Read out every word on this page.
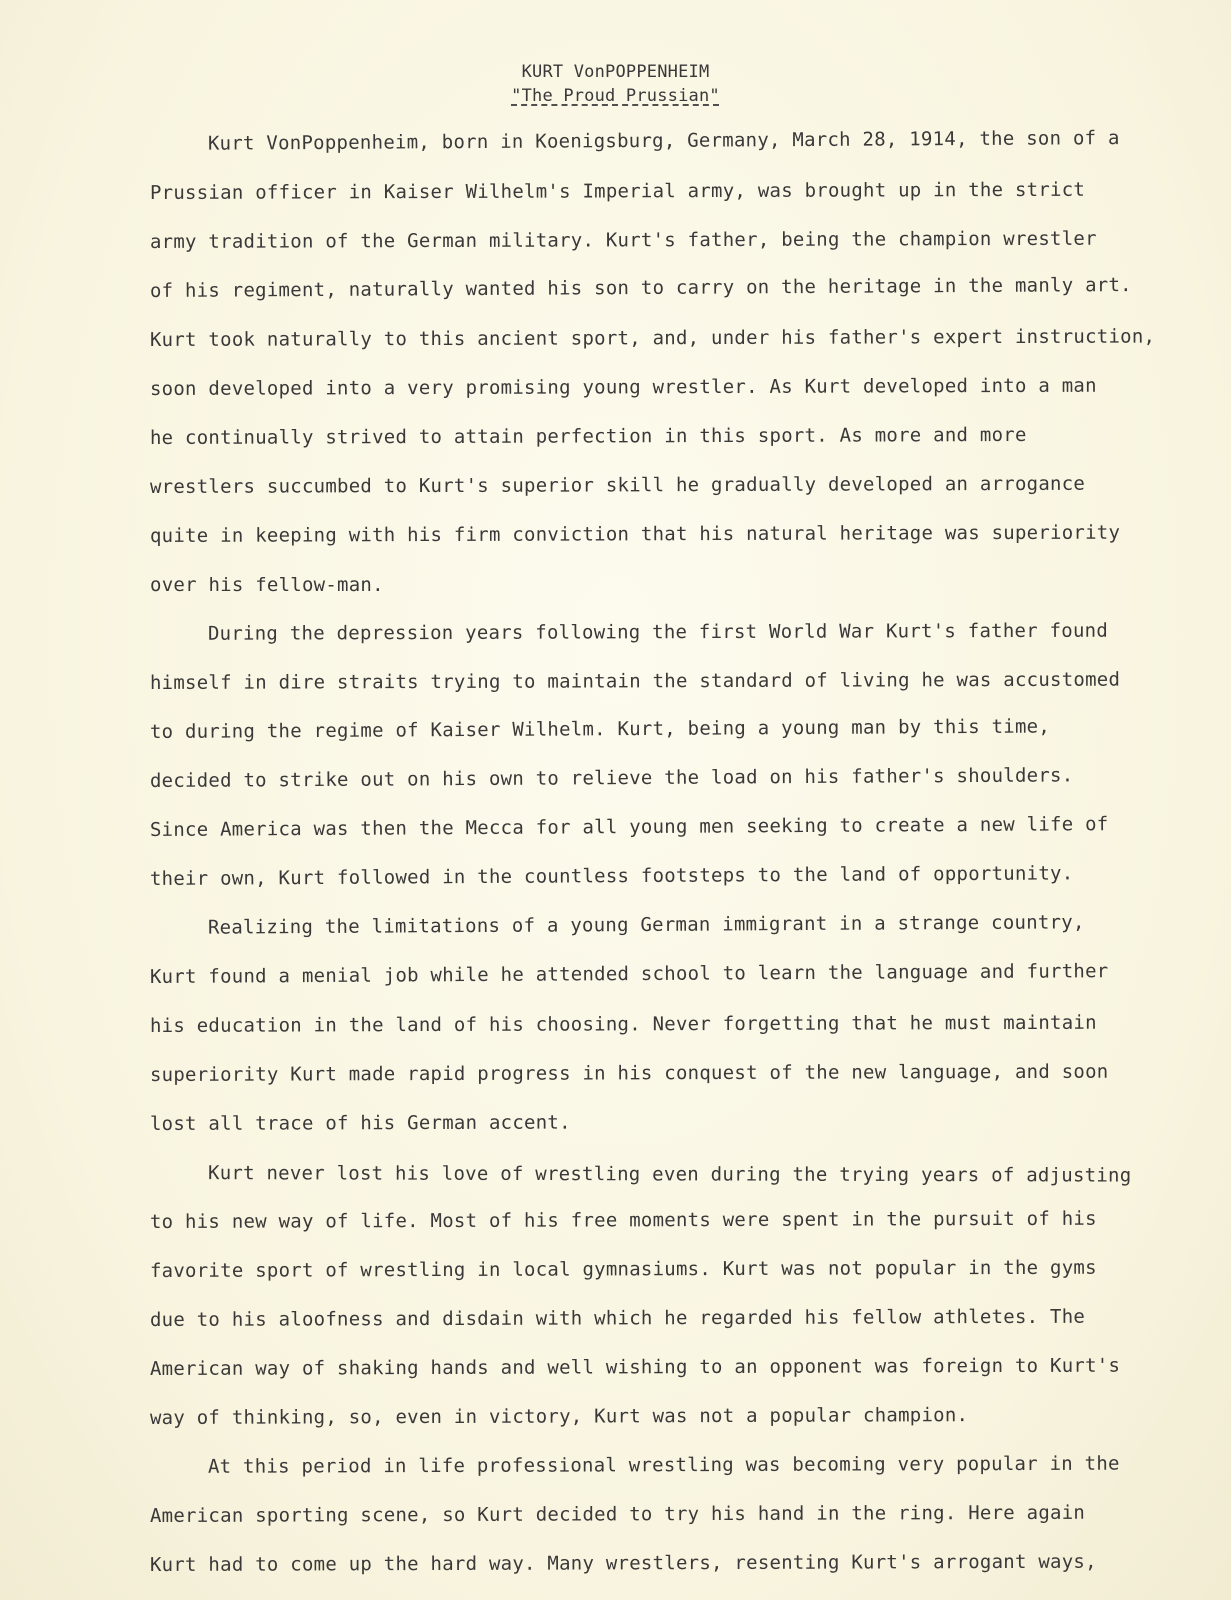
KURT VonPOPPENHEIM
"The Proud Prussian"
Kurt VonPoppenheim, born in Koenigsburg, Germany, March 28, 1914, the son of a
Prussian officer in Kaiser Wilhelm's Imperial army, was brought up in the strict
army tradition of the German military. Kurt's father, being the champion wrestler
of his regiment, naturally wanted his son to carry on the heritage in the manly art.
Kurt took naturally to this ancient sport, and, under his father's expert instruction,
soon developed into a very promising young wrestler. As Kurt developed into a man
he continually strived to attain perfection in this sport. As more and more
wrestlers succumbed to Kurt's superior skill he gradually developed an arrogance
quite in keeping with his firm conviction that his natural heritage was superiority
over his fellow-man.
During the depression years following the first World War Kurt's father found
himself in dire straits trying to maintain the standard of living he was accustomed
to during the regime of Kaiser Wilhelm. Kurt, being a young man by this time,
decided to strike out on his own to relieve the load on his father's shoulders.
Since America was then the Mecca for all young men seeking to create a new life of
their own, Kurt followed in the countless footsteps to the land of opportunity.
Realizing the limitations of a young German immigrant in a strange country,
Kurt found a menial job while he attended school to learn the language and further
his education in the land of his choosing. Never forgetting that he must maintain
superiority Kurt made rapid progress in his conquest of the new language, and soon
lost all trace of his German accent.
Kurt never lost his love of wrestling even during the trying years of adjusting
to his new way of life. Most of his free moments were spent in the pursuit of his
favorite sport of wrestling in local gymnasiums. Kurt was not popular in the gyms
due to his aloofness and disdain with which he regarded his fellow athletes. The
American way of shaking hands and well wishing to an opponent was foreign to Kurt's
way of thinking, so, even in victory, Kurt was not a popular champion.
At this period in life professional wrestling was becoming very popular in the
American sporting scene, so Kurt decided to try his hand in the ring. Here again
Kurt had to come up the hard way. Many wrestlers, resenting Kurt's arrogant ways,
